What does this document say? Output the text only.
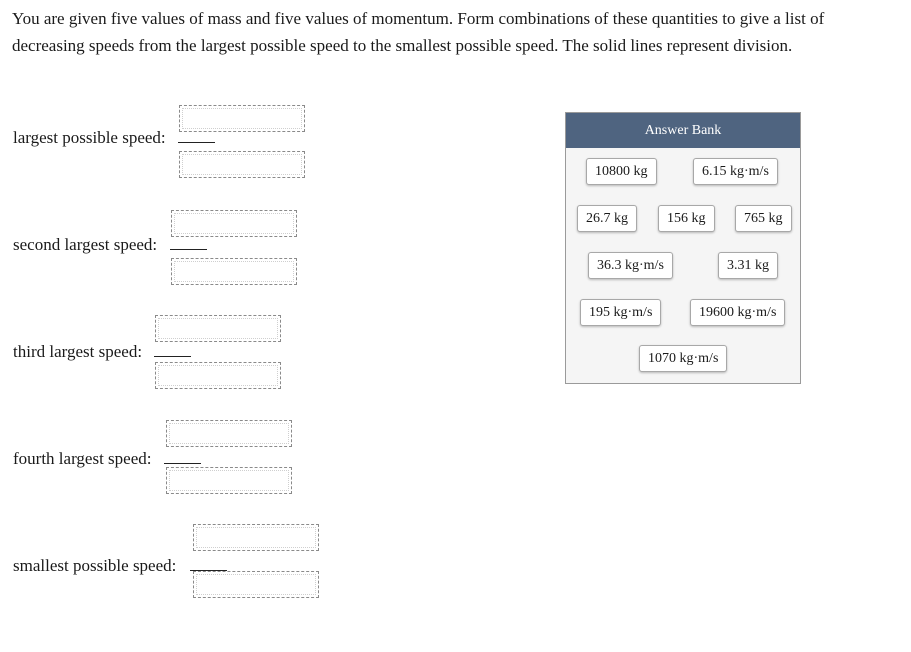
You are given five values of mass and five values of momentum. Form combinations of these quantities to give a list of decreasing speeds from the largest possible speed to the smallest possible speed. The solid lines represent division.

largest possible speed:
second largest speed:
third largest speed:
fourth largest speed:
smallest possible speed:
Answer Bank
10800 kg	6.15 kg·m/s
26.7 kg	156 kg	765 kg
36.3 kg·m/s	3.31 kg
195 kg·m/s	19600 kg·m/s
1070 kg·m/s
